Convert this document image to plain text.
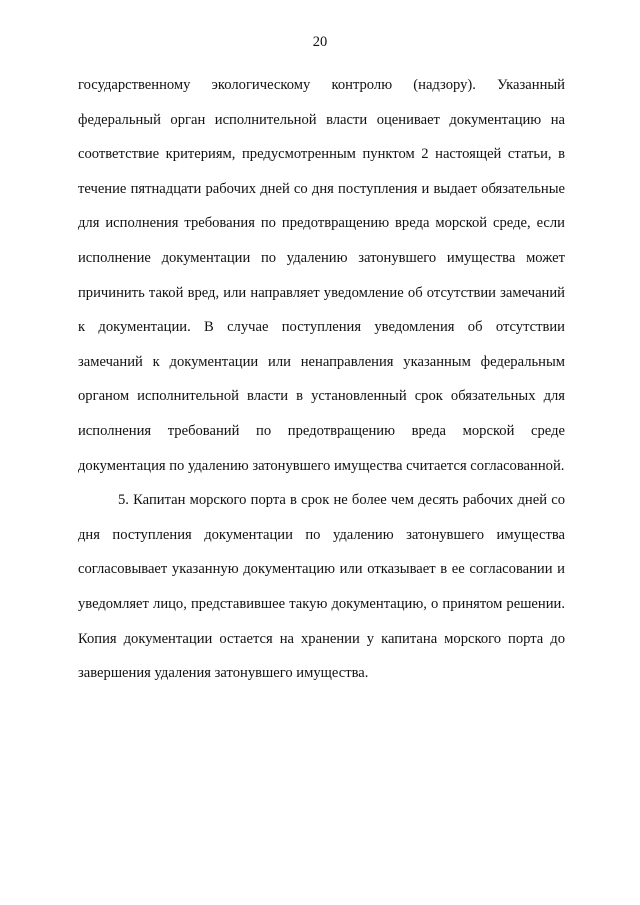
20

государственному экологическому контролю (надзору). Указанный федеральный орган исполнительной власти оценивает документацию на соответствие критериям, предусмотренным пунктом 2 настоящей статьи, в течение пятнадцати рабочих дней со дня поступления и выдает обязательные для исполнения требования по предотвращению вреда морской среде, если исполнение документации по удалению затонувшего имущества может причинить такой вред, или направляет уведомление об отсутствии замечаний к документации. В случае поступления уведомления об отсутствии замечаний к документации или ненаправления указанным федеральным органом исполнительной власти в установленный срок обязательных для исполнения требований по предотвращению вреда морской среде документация по удалению затонувшего имущества считается согласованной.

5. Капитан морского порта в срок не более чем десять рабочих дней со дня поступления документации по удалению затонувшего имущества согласовывает указанную документацию или отказывает в ее согласовании и уведомляет лицо, представившее такую документацию, о принятом решении. Копия документации остается на хранении у капитана морского порта до завершения удаления затонувшего имущества.
